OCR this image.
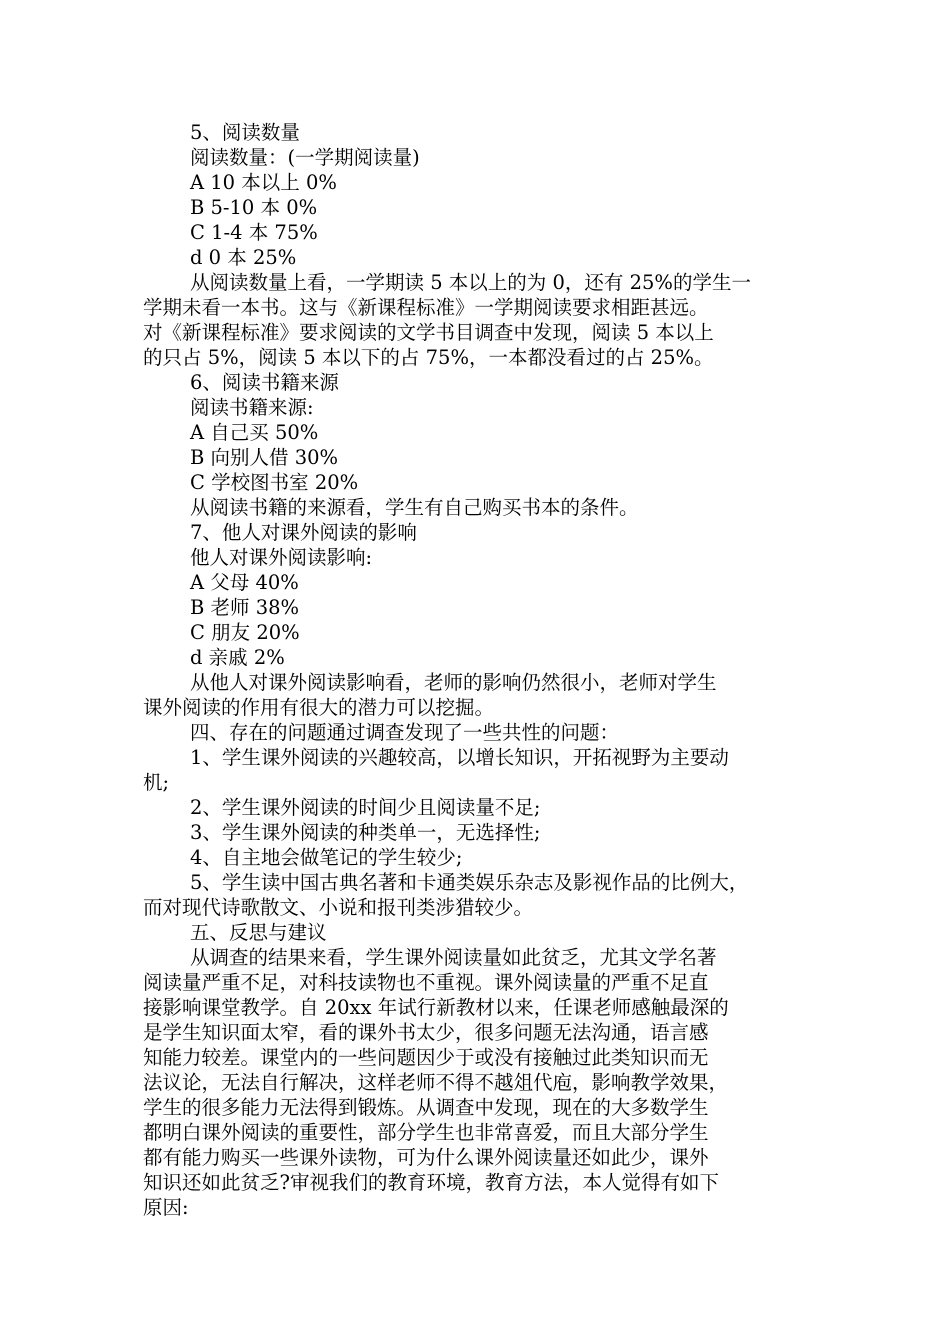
5、阅读数量
阅读数量：(一学期阅读量)
A 10 本以上 0%
B 5-10 本 0%
C 1-4 本 75%
d 0 本 25%
从阅读数量上看，一学期读 5 本以上的为 0，还有 25%的学生一
学期未看一本书。这与《新课程标准》一学期阅读要求相距甚远。
对《新课程标准》要求阅读的文学书目调查中发现，阅读 5 本以上
的只占 5%，阅读 5 本以下的占 75%，一本都没看过的占 25%。
6、阅读书籍来源
阅读书籍来源:
A 自己买 50%
B 向别人借 30%
C 学校图书室 20%
从阅读书籍的来源看，学生有自己购买书本的条件。
7、他人对课外阅读的影响
他人对课外阅读影响:
A 父母 40%
B 老师 38%
C 朋友 20%
d 亲戚 2%
从他人对课外阅读影响看，老师的影响仍然很小，老师对学生
课外阅读的作用有很大的潜力可以挖掘。
四、存在的问题通过调查发现了一些共性的问题：
1、学生课外阅读的兴趣较高，以增长知识，开拓视野为主要动
机;
2、学生课外阅读的时间少且阅读量不足;
3、学生课外阅读的种类单一，无选择性;
4、自主地会做笔记的学生较少;
5、学生读中国古典名著和卡通类娱乐杂志及影视作品的比例大，
而对现代诗歌散文、小说和报刊类涉猎较少。
五、反思与建议
从调查的结果来看，学生课外阅读量如此贫乏，尤其文学名著
阅读量严重不足，对科技读物也不重视。课外阅读量的严重不足直
接影响课堂教学。自 20xx 年试行新教材以来，任课老师感触最深的
是学生知识面太窄，看的课外书太少，很多问题无法沟通，语言感
知能力较差。课堂内的一些问题因少于或没有接触过此类知识而无
法议论，无法自行解决，这样老师不得不越俎代庖，影响教学效果，
学生的很多能力无法得到锻炼。从调查中发现，现在的大多数学生
都明白课外阅读的重要性，部分学生也非常喜爱，而且大部分学生
都有能力购买一些课外读物，可为什么课外阅读量还如此少，课外
知识还如此贫乏?审视我们的教育环境，教育方法，本人觉得有如下
原因:
